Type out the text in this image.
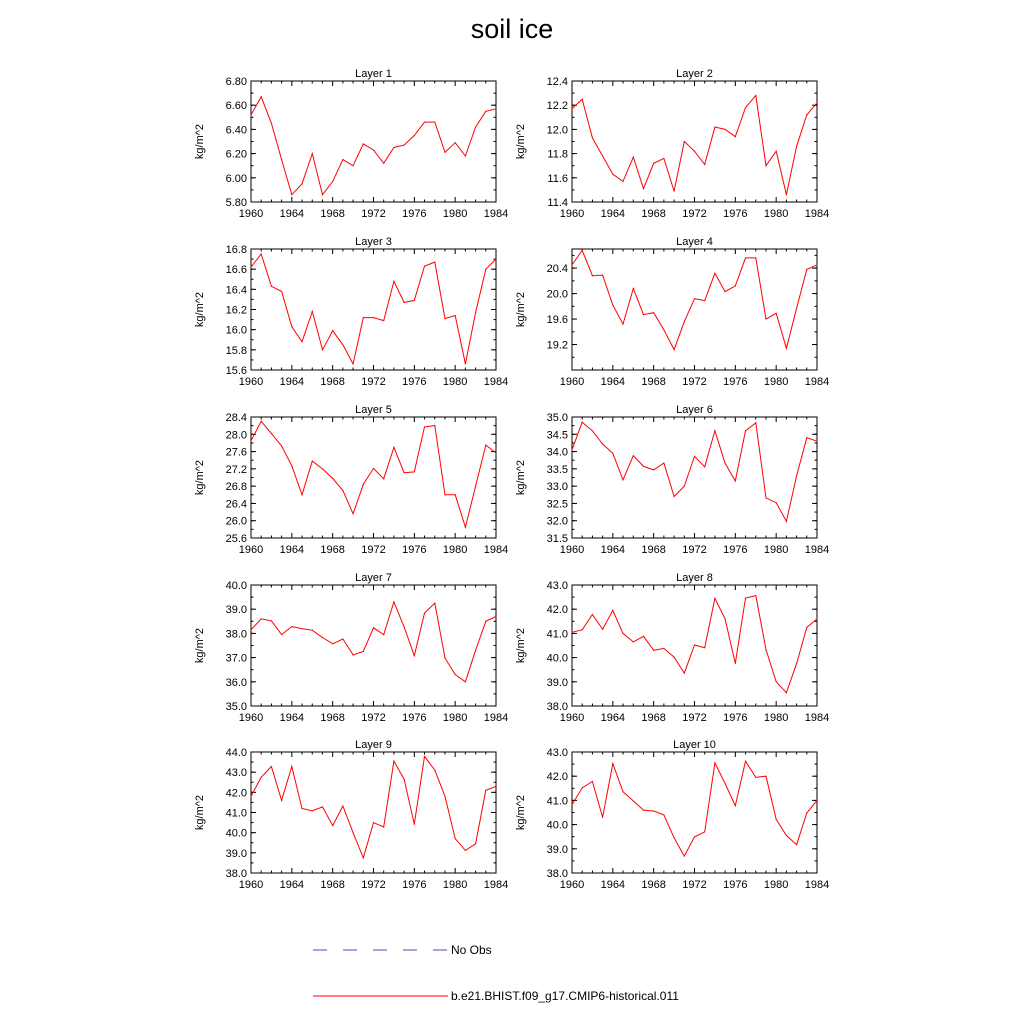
soil ice
Layer 1
1960 1964 1968 1972 1976 1980 1984
5.80
6.00
6.20
6.40
6.60
6.80
kg/m^2
Layer 2
1960 1964 1968 1972 1976 1980 1984
11.4
11.6
11.8
12.0
12.2
12.4
kg/m^2
Layer 3
1960 1964 1968 1972 1976 1980 1984
15.6
15.8
16.0
16.2
16.4
16.6
16.8
kg/m^2
Layer 4
1960 1964 1968 1972 1976 1980 1984
19.2
19.6
20.0
20.4
kg/m^2
Layer 5
1960 1964 1968 1972 1976 1980 1984
25.6
26.0
26.4
26.8
27.2
27.6
28.0
28.4
kg/m^2
Layer 6
1960 1964 1968 1972 1976 1980 1984
31.5
32.0
32.5
33.0
33.5
34.0
34.5
35.0
kg/m^2
Layer 7
1960 1964 1968 1972 1976 1980 1984
35.0
36.0
37.0
38.0
39.0
40.0
kg/m^2
Layer 8
1960 1964 1968 1972 1976 1980 1984
38.0
39.0
40.0
41.0
42.0
43.0
kg/m^2
Layer 9
1960 1964 1968 1972 1976 1980 1984
38.0
39.0
40.0
41.0
42.0
43.0
44.0
kg/m^2
Layer 10
1960 1964 1968 1972 1976 1980 1984
38.0
39.0
40.0
41.0
42.0
43.0
kg/m^2
No Obs
b.e21.BHIST.f09_g17.CMIP6-historical.011
